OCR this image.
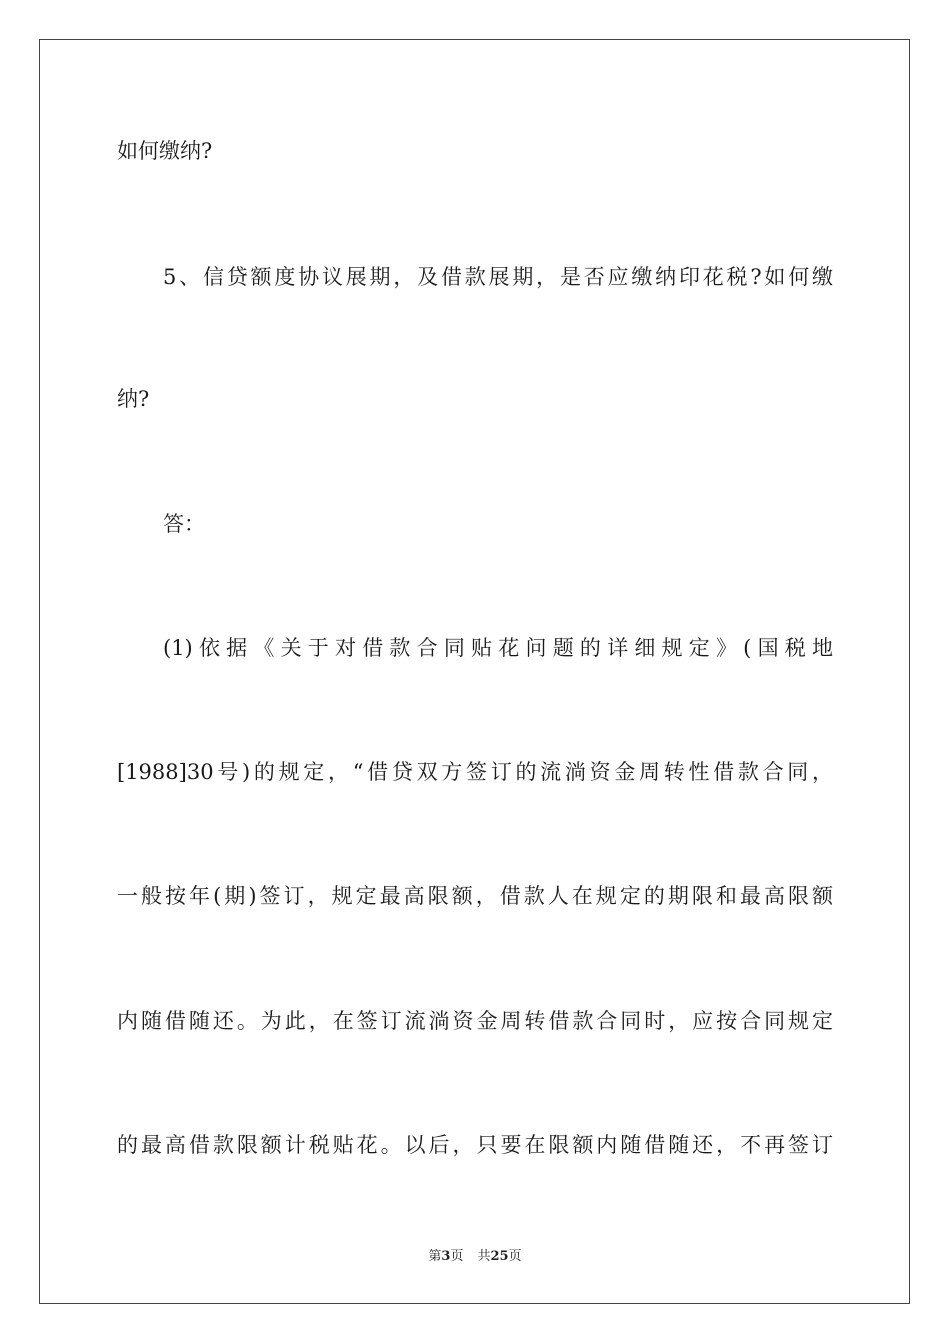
如何缴纳?
5、信贷额度协议展期，及借款展期，是否应缴纳印花税?如何缴
纳?
答：
(1)依据《关于对借款合同贴花问题的详细规定》(国税地
[1988]30号)的规定，“借贷双方签订的流淌资金周转性借款合同，
一般按年(期)签订，规定最高限额，借款人在规定的期限和最高限额
内随借随还。为此，在签订流淌资金周转借款合同时，应按合同规定
的最高借款限额计税贴花。以后，只要在限额内随借随还，不再签订
第3页 共25页
